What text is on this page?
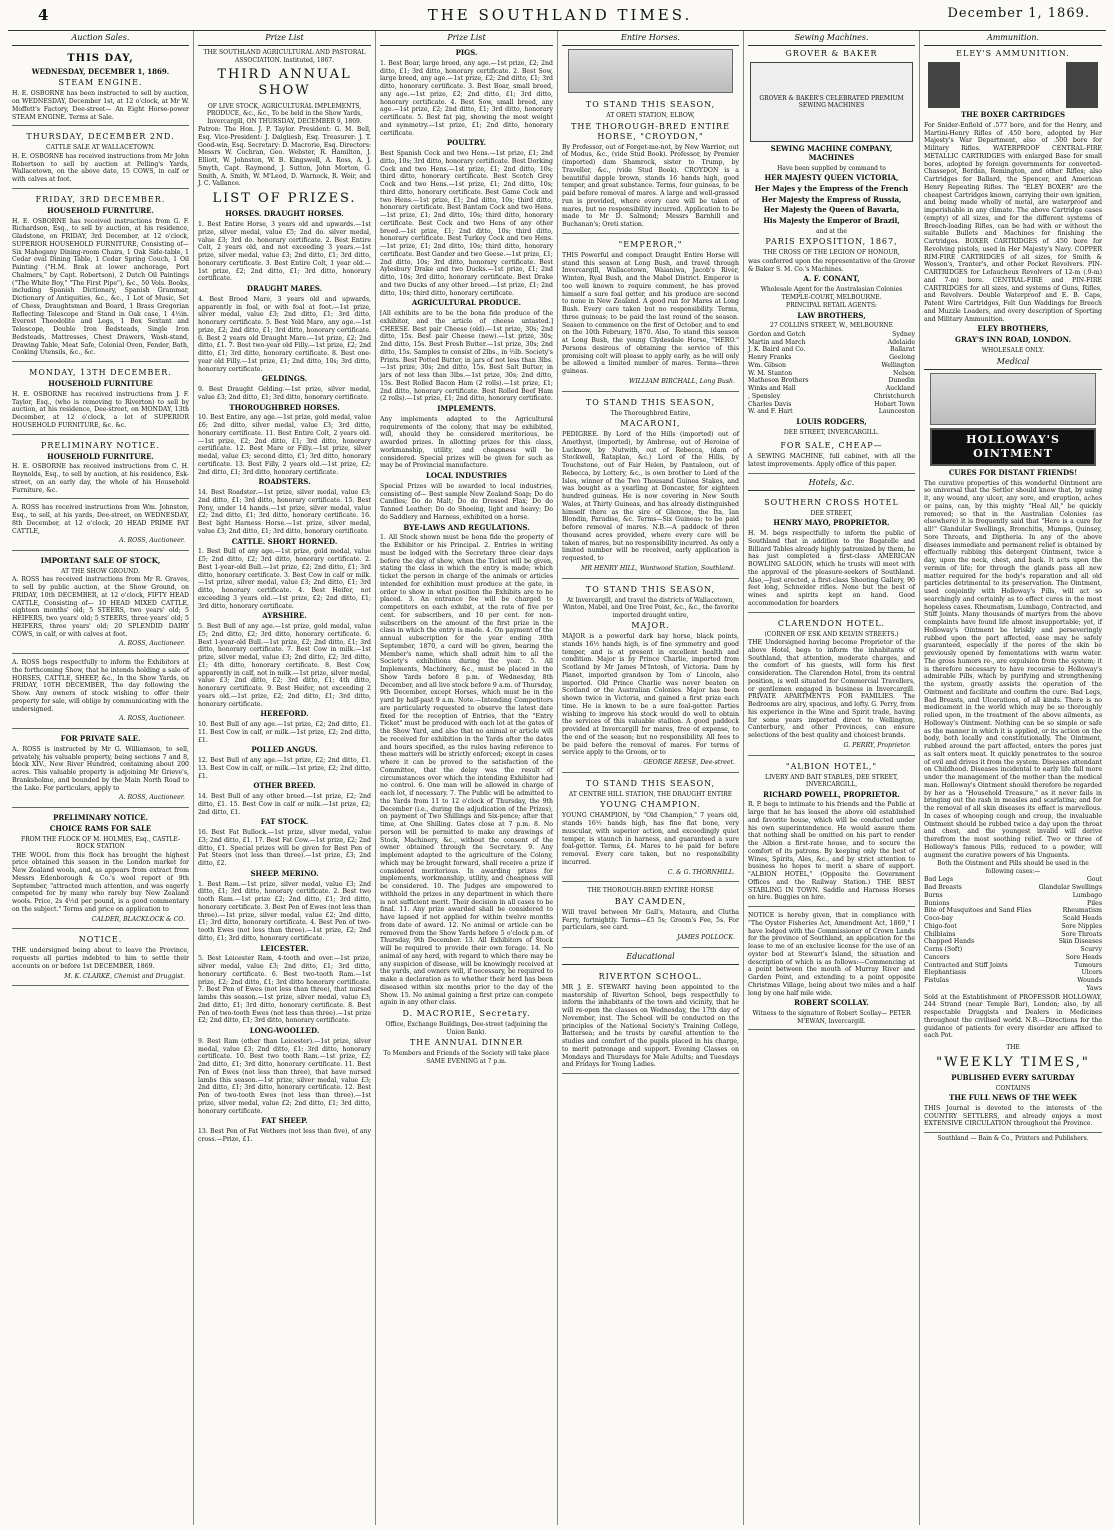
4	THE SOUTHLAND TIMES.	December 1, 1869.
Auction Sales.
THIS DAY,
WEDNESDAY, DECEMBER 1, 1869.
STEAM ENGINE.

H. E. OSBORNE has been instructed to sell by auction, on WEDNESDAY, December 1st, at 12 o'clock, at Mr W. Moffett's Factory, Dee-street— An Eight Horse-power STEAM ENGINE. Terms at Sale.

THURSDAY, DECEMBER 2ND.
CATTLE SALE AT WALLACETOWN.

H. E. OSBORNE has received instructions from Mr John Robertson to sell by auction at Pelling's Yards, Wallacetown, on the above date, 15 COWS, in calf or with calves at foot.

FRIDAY, 3RD DECEMBER.
HOUSEHOLD FURNITURE.

H. E. OSBORNE has received instructions from G. F. Richardson, Esq., to sell by auction, at his residence, Gladstone, on FRIDAY, 3rd December, at 12 o'clock, SUPERIOR HOUSEHOLD FURNITURE, Consisting of— Six Mahogany Dining-room Chairs, 1 Oak Side-table, 1 Cedar oval Dining Table, 1 Cedar Spring Couch, 1 Oil Painting ("H.M. Brak at lower anchorage, Port Chalmers," by Capt. Robertson), 2 Dutch Oil Paintings ("The White Boy," "The First Pipe"), &c., 50 Vols. Books, including Spanish Dictionary, Spanish Grammar, Dictionary of Antiquities, &c., &c., 1 Lot of Music, Set of Chess, Draughtsman and Board, 1 Brass Gregorian Reflecting Telescope and Stand in Oak case, 1 4½in. Everest Theodolite and Legs, 1 Box Sextant and Telescope, Double Iron Bedsteads, Single Iron Bedsteads, Mattresses, Chest Drawers, Wash-stand, Drawing Table, Meat Safe, Colonial Oven, Fender, Bath, Cooking Utensils, &c., &c.

MONDAY, 13TH DECEMBER.
HOUSEHOLD FURNITURE

H. E. OSBORNE has received instructions from J. F. Taylor, Esq., (who is removing to Riverton) to sell by auction, at his residence, Dee-street, on MONDAY, 13th December, at 12 o'clock, a lot of SUPERIOR HOUSEHOLD FURNITURE, &c. &c.

PRELIMINARY NOTICE.
HOUSEHOLD FURNITURE.

H. E. OSBORNE has received instructions from C. H. Reynolds, Esq., to sell by auction, at his residence, Esk-street, on an early day, the whole of his Household Furniture, &c.

A. ROSS has received instructions from Wm. Johnston, Esq., to sell, at his yards, Dee-street, on WEDNESDAY, 8th December, at 12 o'clock, 20 HEAD PRIME FAT CATTLE,

A. ROSS, Auctioneer.
IMPORTANT SALE OF STOCK,
AT THE SHOW GROUND.

A. ROSS has received instructions from Mr R. Graves, to sell by public auction, at the Show Ground, on FRIDAY, 10th DECEMBER, at 12 o'clock, FIFTY HEAD CATTLE, Consisting of— 10 HEAD MIXED CATTLE, eighteen months' old; 5 STEERS, two years' old; 5 HEIFERS, two years' old; 5 STEERS, three years' old; 5 HEIFERS, three years' old; 20 SPLENDID DAIRY COWS, in calf, or with calves at foot.

A. ROSS, Auctioneer.

A. ROSS begs respectfully to inform the Exhibitors at the forthcoming Show, that he intends holding a sale of HORSES, CATTLE, SHEEP, &c., In the Show Yards, on FRIDAY, 10TH DECEMBER, The day following the Show. Any owners of stock wishing to offer their property for sale, will oblige by communicating with the undersigned.

A. ROSS, Auctioneer.
FOR PRIVATE SALE.

A. ROSS is instructed by Mr G. Williamson, to sell, privately, his valuable property, being sections 7 and 8, block XIV., New River Hundred, containing about 200 acres. This valuable property is adjoining Mr Grieve's, Branksholme, and bounded by the Main North Road to the Lake. For particulars, apply to

A. ROSS, Auctioneer.
PRELIMINARY NOTICE.
CHOICE RAMS FOR SALE
FROM THE FLOCK OF M. HOLMES, Esq., CASTLE-ROCK STATION

THE WOOL from this flock has brought the highest price obtained this season in the London market for New Zealand wools, and, as appears from extract from Messrs Edenborough & Co.'s wool report of 9th September, "attracted much attention, and was eagerly competed for by many who rarely buy New Zealand wools. Price, 2s 4½d per pound, is a good commentary on the subject." Terms and price on application to

CALDER, BLACKLOCK & CO.
NOTICE.

THE undersigned being about to leave the Province, requests all parties indebted to him to settle their accounts on or before 1st DECEMBER, 1869.

M. K. CLARKE, Chemist and Druggist.
Prize List
THE SOUTHLAND AGRICULTURAL AND PASTORAL ASSOCIATION. Instituted, 1867.
THIRD ANNUAL SHOW
OF LIVE STOCK, AGRICULTURAL IMPLEMENTS, PRODUCE, &c., &c., To be held in the Show Yards, Invercargill, ON THURSDAY, DECEMBER 9, 1869.

Patron: The Hon. J. P. Taylor. President: G. M. Bell, Esq. Vice-President: J. Dalgliesh, Esq. Treasurer: J. T. Good-win, Esq. Secretary: D. Macrorie, Esq. Directors: Messrs W. Cochran, Geo. Webster, R. Hamilton, J. Elliott, W. Johnston, W. B. Kingswell, A. Ross, A. J. Smyth, Capt. Raymond, J. Sutton, John Morton, G. Smith, A. Smith, W. M'Leod, D. Warnock, R. Weir, and J. C. Vallance.

LIST OF PRIZES.
HORSES. DRAUGHT HORSES.

1. Best Entire Horse, 3 years old and upwards.—1st prize, silver medal, value £5; 2nd do. silver medal, value £3; 3rd do. honorary certificate. 2. Best Entire Colt, 2 years old, and not exceeding 3 years.—1st prize, silver medal, value £3; 2nd ditto, £1; 3rd ditto, honorary certificate. 3. Best Entire Colt, 1 year old.—1st prize, £2; 2nd ditto, £1; 3rd ditto, honorary certificate.

DRAUGHT MARES.

4. Best Brood Mare, 3 years old and upwards, apparently in foal, or with foal at foot.—1st prize, silver medal, value £3; 2nd ditto, £1; 3rd ditto, honorary certificate. 5. Best Yeld Mare, any age.—1st prize, £2; 2nd ditto, £1; 3rd ditto, honorary certificate. 6. Best 2 years old Draught Mare.—1st prize, £2; 2nd ditto, £1. 7. Best two-year old Filly.—1st prize, £2; 2nd ditto, £1; 3rd ditto, honorary certificate. 8. Best one-year old Filly.—1st prize, £1; 2nd ditto, 10s; 3rd ditto, honorary certificate.

GELDINGS.

9. Best Draught Gelding.—1st prize, silver medal, value £3; 2nd ditto, £1; 3rd ditto, honorary certificate.

THOROUGHBRED HORSES.

10. Best Entire, any age.—1st prize, gold medal, value £6; 2nd ditto, silver medal, value £3; 3rd ditto, honorary certificate. 11. Best Entire Colt, 2 years old.—1st prize, £2; 2nd ditto, £1; 3rd ditto, honorary certificate. 12. Best Mare or Filly.—1st prize, silver medal, value £3; second ditto, £1; 3rd ditto, honorary certificate. 13. Best Filly, 2 years old.—1st prize, £2; 2nd ditto, £1; 3rd ditto, honorary certificate.

ROADSTERS.

14. Best Roadster.—1st prize, silver medal, value £3; 2nd ditto, £1; 3rd ditto, honorary certificate. 15. Best Pony, under 14 hands.—1st prize, silver medal, value £2; 2nd ditto, £1; 3rd ditto, honorary certificate. 16. Best light Harness Horse.—1st prize, silver medal, value £3; 2nd ditto, £1; 3rd ditto, honorary certificate.

CATTLE. SHORT HORNED.

1. Best Bull of any age.—1st prize, gold medal, value £5; 2nd ditto, £2; 3rd ditto, honorary certificate. 2. Best 1-year-old Bull.—1st prize, £2; 2nd ditto, £1; 3rd ditto, honorary certificate. 3. Best Cow in calf or milk.—1st prize, silver medal, value £3; 2nd ditto, £1; 3rd ditto, honorary certificate. 4. Best Heifer, not exceeding 3 years old.—1st prize, £2; 2nd ditto, £1; 3rd ditto, honorary certificate.

AYRSHIRE.

5. Best Bull of any age.—1st prize, gold medal, value £5; 2nd ditto, £2; 3rd ditto, honorary certificate. 6. Best 1-year-old Bull.—1st prize, £2; 2nd ditto, £1; 3rd ditto, honorary certificate. 7. Best Cow in milk.—1st prize, silver medal, value £3; 2nd ditto, £2; 3rd ditto, £1; 4th ditto, honorary certificate. 8. Best Cow, apparently in calf, not in milk.—1st prize, silver medal, value £3; 2nd ditto, £2; 3rd ditto, £1; 4th ditto, honorary certificate. 9. Best Heifer, not exceeding 2 years old.—1st prize, £2; 2nd ditto, £1; 3rd ditto, honorary certificate.

HEREFORD.

10. Best Bull of any age.—1st prize, £2; 2nd ditto, £1. 11. Best Cow in calf, or milk.—1st prize, £2; 2nd ditto, £1.

POLLED ANGUS.

12. Best Bull of any age.—1st prize, £2; 2nd ditto, £1. 13. Best Cow in calf, or milk.—1st prize, £2; 2nd ditto, £1.

OTHER BREED.

14. Best Bull of any other breed.—1st prize, £2; 2nd ditto, £1. 15. Best Cow in calf or milk.—1st prize, £2; 2nd ditto, £1.

FAT STOCK.

16. Best Fat Bullock.—1st prize, silver medal, value £3; 2nd ditto, £1. 17. Best Fat Cow.—1st prize, £2; 2nd ditto, £1. Special prizes will be given for Best Pen of Fat Steers (not less than three).—1st prize, £3; 2nd ditto, £2.

SHEEP. MERINO.

1. Best Ram.—1st prize, silver medal, value £3; 2nd ditto, £1; 3rd ditto, honorary certificate. 2. Best two tooth Ram.—1st prize £2; 2nd ditto, £1; 3rd ditto, honorary certificate. 3. Best Pen of Ewes (not less than three).—1st prize, silver medal, value £2; 2nd ditto, £1; 3rd ditto, honorary certificate. 4. Best Pen of two-tooth Ewes (not less than three).—1st prize, £2; 2nd ditto, £1; 3rd ditto, honorary certificate.

LEICESTER.

5. Best Leicester Ram, 4-tooth and over.—1st prize, silver medal, value £3; 2nd ditto, £1; 3rd ditto, honorary certificate. 6. Best two-tooth Ram.—1st prize, £2; 2nd ditto, £1; 3rd ditto honorary certificate. 7. Best Pen of Ewes (not less than three), that nursed lambs this season.—1st prize, silver medal, value £3; 2nd ditto, £1; 3rd ditto, honorary certificate. 8. Best Pen of two-tooth Ewes (not less than three).—1st prize £2; 2nd ditto, £1; 3rd ditto, honorary certificate.

LONG-WOOLLED.

9. Best Ram (other than Leicester).—1st prize, silver medal, value £3; 2nd ditto, £1; 3rd ditto, honorary certificate. 10. Best two tooth Ram.—1st prize, £2; 2nd ditto, £1; 3rd ditto, honorary certificate. 11. Best Pen of Ewes (not less than three), that have nursed lambs this season.—1st prize, silver medal, value £3; 2nd ditto, £1; 3rd ditto, honorary certificate. 12. Best Pen of two-tooth Ewes (not less than three).—1st prize, silver medal, value £2; 2nd ditto, £1; 3rd ditto, honorary certificate.

FAT SHEEP.

13. Best Pen of Fat Wethers (not less than five), of any cross.—Prize, £1.

Prize List
PIGS.

1. Best Boar, large breed, any age.—1st prize, £2; 2nd ditto, £1; 3rd ditto, honorary certificate. 2. Best Sow, large breed, any age.—1st prize, £2; 2nd ditto, £1; 3rd ditto, honorary certificate. 3. Best Boar, small breed, any age.—1st prize, £2; 2nd ditto, £1; 3rd ditto, honorary certificate. 4. Best Sow, small breed, any age.—1st prize, £2; 2nd ditto, £1; 3rd ditto, honorary certificate. 5. Best fat pig, showing the most weight and symmetry.—1st prize, £1; 2nd ditto, honorary certificate.

POULTRY.

Best Spanish Cock and two Hens.—1st prize, £1; 2nd ditto, 10s; 3rd ditto, honorary certificate. Best Dorking Cock and two Hens.—1st prize, £1; 2nd ditto, 10s; third ditto, honorary certificate. Best Scotch Grey Cock and two Hens.—1st prize, £1; 2nd ditto, 10s; third ditto, honorary certificate. Best Game Cock and two Hens.—1st prize, £1; 2nd ditto, 10s; third ditto, honorary certificate. Best Bantam Cock and two Hens.—1st prize, £1; 2nd ditto, 10s; third ditto, honorary certificate. Best Cock and two Hens of any other breed.—1st prize, £1; 2nd ditto, 10s; third ditto, honorary certificate. Best Turkey Cock and two Hens.—1st prize, £1; 2nd ditto, 10s; third ditto, honorary certificate. Best Gander and two Geese.—1st prize, £1; 2nd ditto, 10s; 3rd ditto, honorary certificate. Best Aylesbury Drake and two Ducks.—1st prize, £1; 2nd ditto, 10s; 3rd ditto, honorary certificate. Best Drake and two Ducks of any other breed.—1st prize, £1; 2nd ditto, 10s; third ditto, honorary certificate.

AGRICULTURAL PRODUCE.

[All exhibits are to be the bona fide produce of the exhibitor, and the article of cheese untasted.] CHEESE. Best pair Cheese (old).—1st prize, 30s; 2nd ditto, 15s. Best pair Cheese (new).—1st prize, 30s; 2nd ditto, 15s. Best Fresh Butter.—1st prize, 30s; 2nd ditto, 15s. Samples to consist of 2lbs., in ½lb. Society's Prints. Best Potted Butter, in jars of not less than 3lbs.—1st prize, 30s; 2nd ditto, 15s. Best Salt Butter, in jars of not less than 3lbs.—1st prize, 30s; 2nd ditto, 15s. Best Rolled Bacon Ham (2 rolls).—1st prize, £1; 2nd ditto, honorary certificate. Best Rolled Beef Ham (2 rolls).—1st prize, £1; 2nd ditto, honorary certificate.

IMPLEMENTS.

Any implements adapted to the Agricultural requirements of the colony, that may be exhibited, will, should they be considered meritorious, be awarded prizes. In allotting prizes for this class, workmanship, utility, and cheapness will be considered. Special prizes will be given for such as may be of Provincial manufacture.

LOCAL INDUSTRIES

Special Prizes will be awarded to local industries, consisting of— Best sample New Zealand Soap; Do do Candles; Do do Malt; Do do Dressed Flax; Do do Tanned Leather; Do do Shoeing, light and heavy; Do do Saddlery and Harness, exhibited on a horse.

BYE-LAWS AND REGULATIONS.

1. All Stock shown must be bona fide the property of the Exhibitor or his Principal. 2. Entries in writing must be lodged with the Secretary three clear days before the day of show, when the Ticket will be given, stating the class in which the entry is made; which ticket the person in charge of the animals or articles intended for exhibition must produce at the gate, in order to show in what position the Exhibits are to be placed. 3. An entrance fee will be charged to competitors on each exhibit, at the rate of five per cent. for subscribers, and 10 per cent. for non-subscribers on the amount of the first prize in the class in which the entry is made. 4. On payment of the annual subscription for the year ending 30th September, 1870, a card will be given, bearing the Member's name, which shall admit him to all the Society's exhibitions during the year. 5. All Implements, Machinery, &c., must be placed in the Show Yards before 8 p.m. of Wednesday, 8th December, and all live stock before 9 a.m. of Thursday, 9th December, except Horses, which must be in the yard by half-past 9 a.m. Note.—Intending Competitors are particularly requested to observe the latest date fixed for the reception of Entries, that the "Entry Ticket" must be produced with each lot at the gates of the Show Yard, and also that no animal or article will be received for exhibition in the Yards after the dates and hours specified, as the rules having reference to these matters will be strictly enforced; except in cases where it can be proved to the satisfaction of the Committee, that the delay was the result of circumstances over which the intending Exhibitor had no control. 6. One man will be allowed in charge of each lot, if necessary. 7. The Public will be admitted to the Yards from 11 to 12 o'clock of Thursday, the 9th December (i.e., during the adjudication of the Prizes), on payment of Two Shillings and Six-pence; after that time, at One Shilling. Gates close at 7 p.m. 8. No person will be permitted to make any drawings of Stock, Machinery, &c., without the consent of the owner obtained through the Secretary. 9. Any implement adapted to the agriculture of the Colony, which may be brought forward, shall receive a prize if considered meritorious. In awarding prizes for implements, workmanship, utility, and cheapness will be considered. 10. The Judges are empowered to withhold the prizes in any department in which there is not sufficient merit. Their decision in all cases to be final. 11. Any prize awarded shall be considered to have lapsed if not applied for within twelve months from date of award. 12. No animal or article can be removed from the Show Yards before 5 o'clock p.m. of Thursday, 9th December. 13. All Exhibitors of Stock will be required to provide their own forage. 14. No animal of any herd, with regard to which there may be any suspicion of disease, will be knowingly received at the yards, and owners will, if necessary, be required to make a declaration as to whether their herd has been diseased within six months prior to the day of the Show. 15. No animal gaining a first prize can compete again in any other class.

D. MACRORIE, Secretary.
Office, Exchange Buildings, Dee-street (adjoining the Union Bank).
THE ANNUAL DINNER
To Members and Friends of the Society will take place SAME EVENING at 7 p.m.
Entire Horses.
TO STAND THIS SEASON,
AT ORETI STATION, ELBOW,
THE THOROUGH-BRED ENTIRE HORSE, "CROYDON,"

By Professor, out of Forget-me-not, by New Warrior, out of Modus, &c., (vide Stud Book). Professor, by Premier (imported) dam Shamrock, sister to Trump, by Traveller, &c., (vide Stud Book). CROYDON is a beautiful dapple brown, stands 16 hands high, good temper, and great substance. Terms, four guineas, to be paid before removal of mares. A large and well-grassed run is provided, where every care will be taken of mares, but no responsibility incurred. Application to be made to Mr D. Salmond; Messrs Barnhill and Buchanan's; Oreti station.

"EMPEROR,"

THIS Powerful and compact Draught Entire Horse will stand this season at Long Bush, and travel through Invercargill, Wallacetown, Waianiwa, Jacob's River, Winton, Ryal Bush, and the Mabel District. Emperor is too well known to require comment, he has proved himself a sure foal getter, and his produce are second to none in New Zealand. A good run for Mares at Long Bush. Every care taken but no responsibility. Terms, three guineas; to be paid the last round of the season. Season to commence on the first of October, and to end on the 10th February, 1870. Also, To stand this season at Long Bush, the young Clydesdale Horse, "HERO." Persons desirous of obtaining the service of this promising colt will please to apply early, as he will only be allowed a limited number of mares. Terms—three guineas.

WILLIAM BIRCHALL, Long Bush.
TO STAND THIS SEASON,
The Thoroughbred Entire,
MACARONI,

PEDIGREE. By Lord of the Hills (imported) out of Amethyst, (imported), by Ambrose, out of Heroine of Lucknow, by Nutwith, out of Rebecca, (dam of Stockwell, Rataplan, &c.) Lord of the Hills, by Touchstone, out of Fair Helen, by Pantaloon, out of Rebecca, by Lottery, &c., is own brother to Lord of the Isles, winner of the Two Thousand Guinea Stakes, and was bought as a yearling at Doncaster, for eighteen hundred guineas. He is now covering in New South Wales, at Thirty Guineas, and has already distinguished himself there as the sire of Glencoe, the Ita, Ian Blondin, Paradise, &c. Terms—Six Guineas; to be paid before removal of mares. N.B.—A paddock of three thousand acres provided, where every care will be taken of mares, but no responsibility incurred. As only a limited number will be received, early application is requested, to

MR HENRY HILL, Wantwood Station, Southland.
TO STAND THIS SEASON,
At Invercargill, and travel the districts of Wallacetown, Winton, Mabel, and One Tree Point, &c., &c., the favorite imported draught entire,
MAJOR.

MAJOR is a powerful dark bay horse, black points, stands 16½ hands high, is of fine symmetry and good temper, and is at present in excellent health and condition. Major is by Prince Charlie, imported from Scotland by Mr James M'Intosh, of Victoria. Dam by Planet, imported grandson by Tom o' Lincoln, also imported. Old Prince Charlie was never beaten on Scotland or the Australian Colonies. Major has been shown twice in Victoria, and gained a first prize each time. He is known to be a sure foal-getter. Parties wishing to improve his stock would do well to obtain the services of this valuable stallion. A good paddock provided at Invercargill for mares, free of expense, to the end of the season; but no responsibility. All fees to be paid before the removal of mares. For terms of service apply to the Groom, or to

GEORGE REESE, Dee-street.
TO STAND THIS SEASON,
AT CENTRE HILL STATION, THE DRAUGHT ENTIRE
YOUNG CHAMPION.

YOUNG CHAMPION, by "Old Champion," 7 years old, stands 16½ hands high, has fine flat bone, very muscular, with superior action, and exceedingly quiet temper, is staunch in harness, and guaranteed a sure foal-getter. Terms, £4. Mares to be paid for before removal. Every care taken, but no responsibility incurred.

C. & G. THORNHILL.
THE THOROUGH-BRED ENTIRE HORSE
BAY CAMDEN,

Will travel between Mr Gall's, Mataura, and Clutha Ferry, fortnightly. Terms—£5 5s; Groom's Fee, 5s. For particulars, see card.

JAMES POLLOCK.
Educational
RIVERTON SCHOOL.

MR J. E. STEWART having been appointed to the mastership of Riverton School, begs respectfully to inform the inhabitants of the town and vicinity, that he will re-open the classes on Wednesday, the 17th day of November, inst. The School will be conducted on the principles of the National Society's Training College, Battersea; and he trusts by careful attention to the studies and comfort of the pupils placed in his charge, to merit patronage and support. Evening Classes on Mondays and Thursdays for Male Adults; and Tuesdays and Fridays for Young Ladies.

Sewing Machines.
GROVER & BAKER
GROVER & BAKER'S CELEBRATED PREMIUM SEWING MACHINES
SEWING MACHINE COMPANY, MACHINES
Have been supplied by command to
HER MAJESTY QUEEN VICTORIA,
Her Majes y the Empress of the French
Her Majesty the Empress of Russia,
Her Majesty the Queen of Bavaria,
His Majesty the Emperor of Brazil,
and at the
PARIS EXPOSITION, 1867,
THE CROSS OF THE LEGION OF HONOUR,

was conferred upon the representative of the Grover & Baker S. M. Co.'s Machines.

A. F. CONANT,
Wholesale Agent for the Australasian Colonies TEMPLE-COURT, MELBOURNE.
PRINCIPAL RETAIL AGENTS:
LAW BROTHERS,
27 COLLINS STREET, W., MELBOURNE
Gordon and Gotch	Sydney
Martin and March	Adelaide
J. K. Baird and Co.	Ballarat
Henry Franks	Geelong
Wm. Gibson	Wellington
W. M. Stanton	Nelson
Matheson Brothers	Dunedin
Winks and Hall	Auckland
, Spensley	Christchurch
Charles Davis	Hobart Town
W. and F. Hart	Launceston
LOUIS RODGERS,
DEE STREET, INVERCARGILL.
FOR SALE, CHEAP—

A SEWING MACHINE, full cabinet, with all the latest improvements. Apply office of this paper.

Hotels, &c.
SOUTHERN CROSS HOTEL
DEE STREET,
HENRY MAYO, PROPRIETOR.

H. M. begs respectfully to inform the public of Southland that in addition to the Bagatelle and Billiard Tables already highly patronized by them, he has just completed a first-class AMERICAN BOWLING SALOON, which he trusts will meet with the approval of the pleasure-seekers of Southland. Also,—Just erected, a first-class Shooting Gallery, 90 feet long, Schneider rifles. None but the best of wines and spirits kept on hand. Good accommodation for boarders

CLARENDON HOTEL.
(CORNER OF ESK AND KELVIN STREETS.)

THE Undersigned having become Proprietor of the above Hotel, begs to inform the inhabitants of Southland, that attention, moderate charges, and the comfort of his guests, will form his first consideration. The Clarendon Hotel, from its central position, is well situated for Commercial Travellers, or gentlemen engaged in business in Invercargill. PRIVATE APARTMENTS FOR FAMILIES. The Bedrooms are airy, spacious, and lofty. G. Perry, from his experience in the Wine and Spirit trade, having for some years imported direct to Wellington, Canterbury, and other Provinces, can ensure selections of the best quality and choicest brands.

G. PERRY, Proprietor.
"ALBION HOTEL,"
LIVERY AND BAIT STABLES, DEE STREET, INVERCARGILL,
RICHARD POWELL, PROPRIETOR.

R. P. begs to intimate to his friends and the Public at large that he has leased the above old established and favorite house, which will be conducted under his own superintendence. He would assure them that nothing shall be omitted on his part to render the Albion a first-rate house, and to secure the comfort of its patrons. By keeping only the best of Wines, Spirits, Ales, &c., and by strict attention to business he hopes to merit a share of support. "ALBION HOTEL," (Opposite the Government Offices and the Railway Station.) THE BEST STABLING IN TOWN. Saddle and Harness Horses on hire. Buggies on hire.

NOTICE is hereby given, that in compliance with "The Oyster Fisheries Act, Amendment Act, 1869," I have lodged with the Commissioner of Crown Lands for the province of Southland, an application for the lease to me of an exclusive license for the use of an oyster bed at Stewart's Island, the situation and description of which is as follows:—Commencing at a point between the mouth of Murray River and Garden Point, and extending to a point opposite Christmas Village, being about two miles and a half long by one half mile wide.

ROBERT SCOLLAY.
Witness to the signature of Robert Scollay— PETER M'EWAN, Invercargill.
Ammunition.
ELEY'S AMMUNITION.
THE BOXER CARTRIDGES

For Snider-Enfield of .577 bore, and for the Henry, and Martini-Henry Rifles of .450 bore, adopted by Her Majesty's War Department, also of .500 bore for Military Rifles. WATERPROOF CENTRAL-FIRE METALLIC CARTRIDGES with enlarged Base for small bores, adopted by foreign governments for converted-Chassepot, Berdan, Remington, and other Rifles; also Cartridges for Ballard, the Spencer, and American Henry Repeating Rifles. The "ELEY BOXER" are the cheapest Cartridges known, carrying their own ignition, and being made wholly of metal, are waterproof and imperishable in any climate. The above Cartridge cases (empty) of all sizes, and for the different systems of Breech-loading Rifles, can be had with or without the suitable Bullets and Machines for finishing the Cartridges. BOXER CARTRIDGES of .450 bore for Revolving pistols, used in Her Majesty's Navy. COPPER RIM-FIRE CARTRIDGES of all sizes, for Smith & Wesson's, Tranter's, and other Pocket Revolvers. PIN-CARTRIDGES for Lefaucheux Revolvers of 12-m (.9-m) and 7-m) bore. CENTRAL-FIRE and PIN-FIRE CARTRIDGES for all sizes, and systems of Guns, Rifles, and Revolvers. Double Waterproof and E. B. Caps, Patent Wire Cartridges, Felt Gun Waddings for Breech and Muzzle Loaders, and every description of Sporting and Military Ammunition.

ELEY BROTHERS,
GRAY'S INN ROAD, LONDON.
WHOLESALE ONLY.
Medical
HOLLOWAY'S OINTMENT
CURES FOR DISTANT FRIENDS!

The curative properties of this wonderful Ointment are so universal that the Settler should know that, by using it, any wound, any ulcer, any sore, and eruption, aches or pains, can, by this mighty "Heal All," be quickly removed; so that in the Australian Colonies (as elsewhere) it is frequently said that "Here is a cure for all!" Glandular Swellings, Bronchitis, Mumps, Quinsey, Sore Throats, and Diptheria. In any of the above diseases immediate and permanent relief is obtained by effectually rubbing this detergent Ointment, twice a day, upon the neck, chest, and back. It acts upon the vermin of life; for through the glands pass all new matter required for the body's reparation and all old particles detrimental to its preservation. The Ointment, used conjointly with Holloway's Pills, will act so searchingly and certainly as to effect cures in the most hopeless cases. Rheumatism, Lumbago, Contracted, and Stiff Joints. Many thousands of martyrs from the above complaints have found life almost insupportable; yet, if Holloway's Ointment be briskly and perseveringly rubbed upon the part affected, ease may be safely guaranteed, especially if the pores of the skin be previously opened by fomentations with warm water. The gross humors re-, are expulsion from the system; it is therefore necessary to have recourse to Holloway's admirable Pills, which by purifying and strengthening the system, greatly assists the operation of the Ointment and facilitate and confirm the cure. Bad Legs, Bad Breasts, and Ulcerations, of all kinds. There is no medicament in the world which may be so thoroughly relied upon, in the treatment of the above ailments, as Holloway's Ointment. Nothing can be so simple or safe as the manner in which it is applied, or its action on the body, both locally and constitutionally. The Ointment, rubbed around the part affected, enters the pores just as salt enters meat. It quickly penetrates to the source of evil and drives it from the system. Diseases attendant on Childhood. Diseases incidental to early life fall more under the management of the mother than the medical man. Holloway's Ointment should therefore be regarded by her as a "Household Treasure," as it never fails in bringing out the rash in measles and scarlatina; and for the removal of all skin diseases its effect is marvellous. In cases of whooping cough and croup, the invaluable Ointment should be rubbed twice a day upon the throat and chest, and the youngest invalid will derive therefrom the most soothing relief. Two or three of Holloway's famous Pills, reduced to a powder, will augment the curative powers of his Unguents.

Both the Ointment and Pills should be used in the following cases:—
Bad Legs	Gout
Bad Breasts	Glandular Swellings
Burns	Lumbago
Bunions	Piles
Bite of Musquitoes and Sand Flies	Rheumatism
Coco-bay	Scald Heads
Chigo-foot	Sore Nipples
Chilblains	Sore Throats
Chapped Hands	Skin Diseases
Corns (Soft)	Scurvy
Cancers	Sore Heads
Contracted and Stiff Joints	Tumours
Elephantiasis	Ulcers
Fistulas	Wounds
Yaws

Sold at the Establishment of PROFESSOR HOLLOWAY, 244 Strand (near Temple Bar), London; also, by all respectable Druggists and Dealers in Medicines throughout the civilised world. N.B.—Directions for the guidance of patients for every disorder are affixed to each Pot.

THE
"WEEKLY TIMES,"
PUBLISHED EVERY SATURDAY
CONTAINS
THE FULL NEWS OF THE WEEK

THIS Journal is devoted to the interests of the COUNTRY SETTLERS, and already enjoys a most EXTENSIVE CIRCULATION throughout the Province.

Southland — Bain & Co., Printers and Publishers.
